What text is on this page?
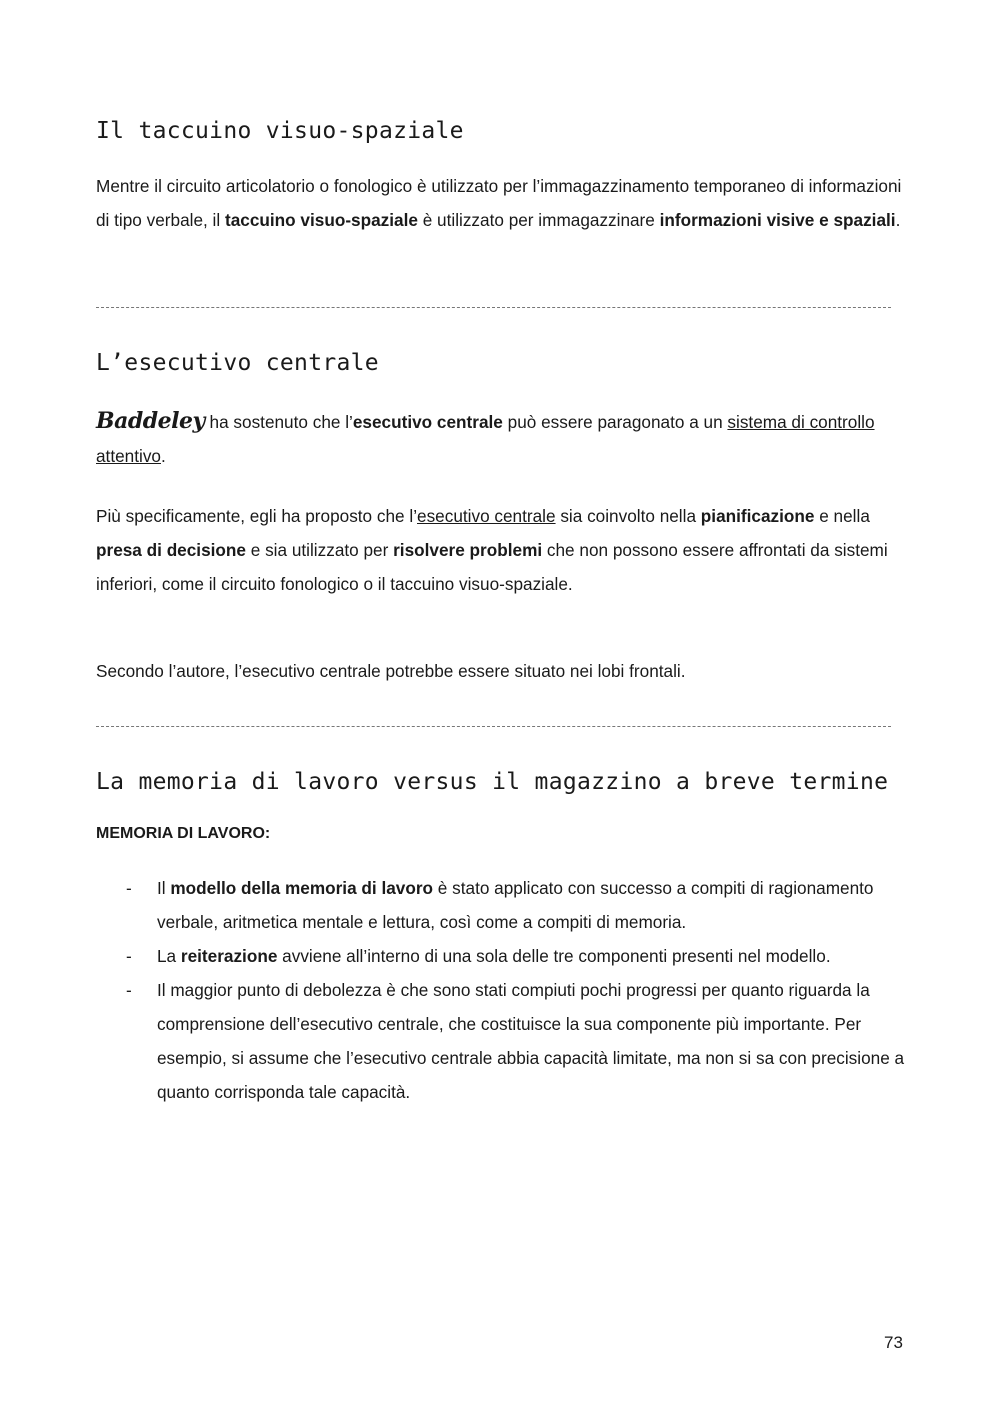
Il taccuino visuo-spaziale

Mentre il circuito articolatorio o fonologico è utilizzato per l’immagazzinamento temporaneo di informazioni di tipo verbale, il taccuino visuo-spaziale è utilizzato per immagazzinare informazioni visive e spaziali.

L’esecutivo centrale

Baddeley ha sostenuto che l’esecutivo centrale può essere paragonato a un sistema di controllo attentivo.

Più specificamente, egli ha proposto che l’esecutivo centrale sia coinvolto nella pianificazione e nella presa di decisione e sia utilizzato per risolvere problemi che non possono essere affrontati da sistemi inferiori, come il circuito fonologico o il taccuino visuo-spaziale.

Secondo l’autore, l’esecutivo centrale potrebbe essere situato nei lobi frontali.

La memoria di lavoro versus il magazzino a breve termine

MEMORIA DI LAVORO:

- Il modello della memoria di lavoro è stato applicato con successo a compiti di ragionamento verbale, aritmetica mentale e lettura, così come a compiti di memoria.
- La reiterazione avviene all’interno di una sola delle tre componenti presenti nel modello.
- Il maggior punto di debolezza è che sono stati compiuti pochi progressi per quanto riguarda la comprensione dell’esecutivo centrale, che costituisce la sua componente più importante. Per esempio, si assume che l’esecutivo centrale abbia capacità limitate, ma non si sa con precisione a quanto corrisponda tale capacità.
73
